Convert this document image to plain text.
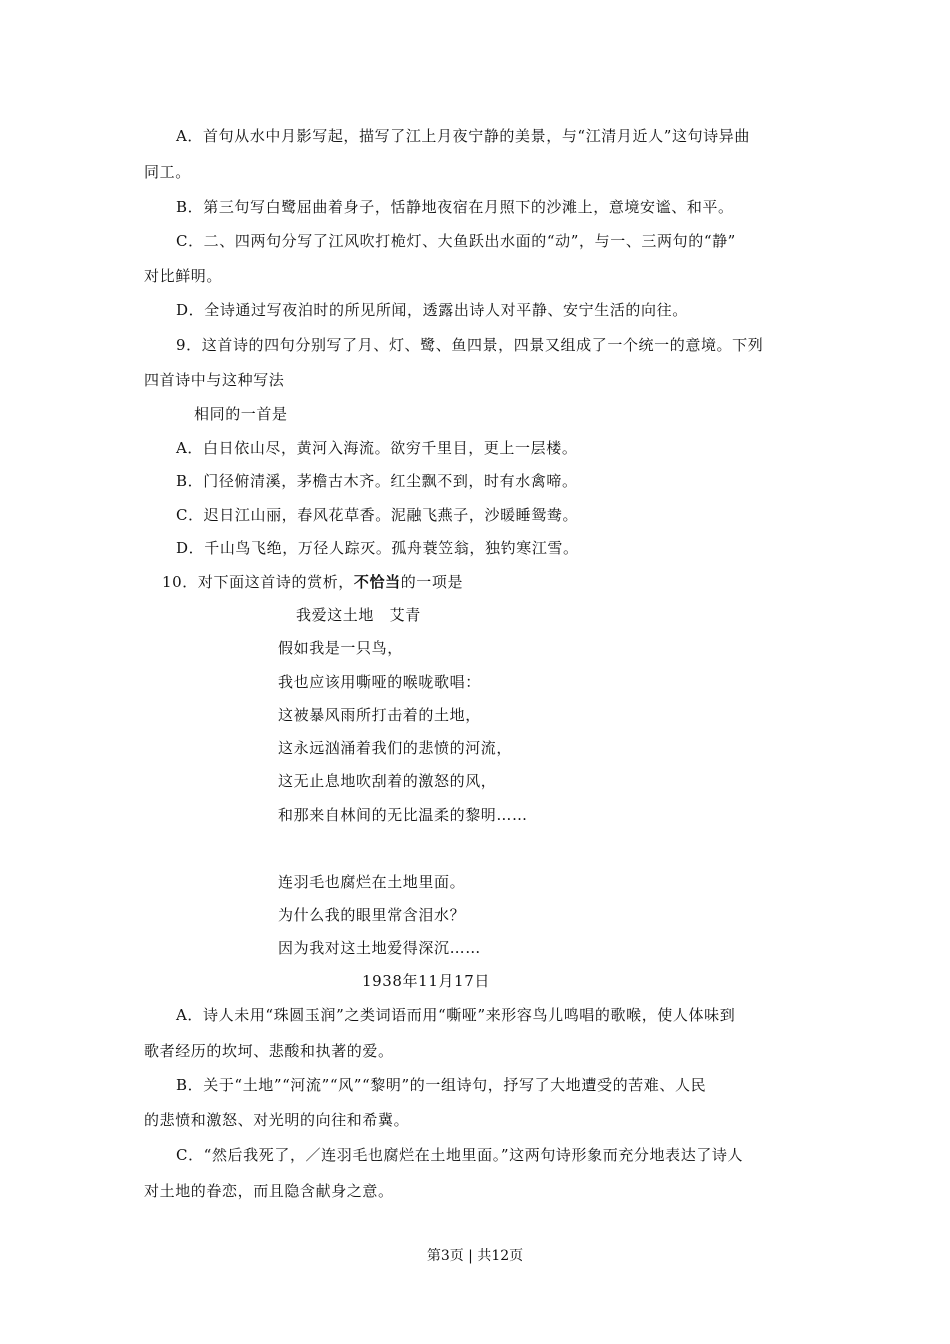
A．首句从水中月影写起，描写了江上月夜宁静的美景，与“江清月近人”这句诗异曲
同工。
B．第三句写白鹭屈曲着身子，恬静地夜宿在月照下的沙滩上，意境安谧、和平。
C．二、四两句分写了江风吹打桅灯、大鱼跃出水面的“动”，与一、三两句的“静”
对比鲜明。
D．全诗通过写夜泊时的所见所闻，透露出诗人对平静、安宁生活的向往。
9．这首诗的四句分别写了月、灯、鹭、鱼四景，四景又组成了一个统一的意境。下列
四首诗中与这种写法
相同的一首是
A．白日依山尽，黄河入海流。欲穷千里目，更上一层楼。
B．门径俯清溪，茅檐古木齐。红尘飘不到，时有水禽啼。
C．迟日江山丽，春风花草香。泥融飞燕子，沙暖睡鸳鸯。
D．千山鸟飞绝，万径人踪灭。孤舟蓑笠翁，独钓寒江雪。
10．对下面这首诗的赏析，不恰当的一项是
我爱这土地　艾青
假如我是一只鸟，
我也应该用嘶哑的喉咙歌唱：
这被暴风雨所打击着的土地，
这永远汹涌着我们的悲愤的河流，
这无止息地吹刮着的激怒的风，
和那来自林间的无比温柔的黎明……
连羽毛也腐烂在土地里面。
为什么我的眼里常含泪水？
因为我对这土地爱得深沉……
1938年11月17日
A．诗人未用“珠圆玉润”之类词语而用“嘶哑”来形容鸟儿鸣唱的歌喉，使人体味到
歌者经历的坎坷、悲酸和执著的爱。
B．关于“土地”“河流”“风”“黎明”的一组诗句，抒写了大地遭受的苦难、人民
的悲愤和激怒、对光明的向往和希冀。
C．“然后我死了，／连羽毛也腐烂在土地里面。”这两句诗形象而充分地表达了诗人
对土地的眷恋，而且隐含献身之意。
第3页 | 共12页
